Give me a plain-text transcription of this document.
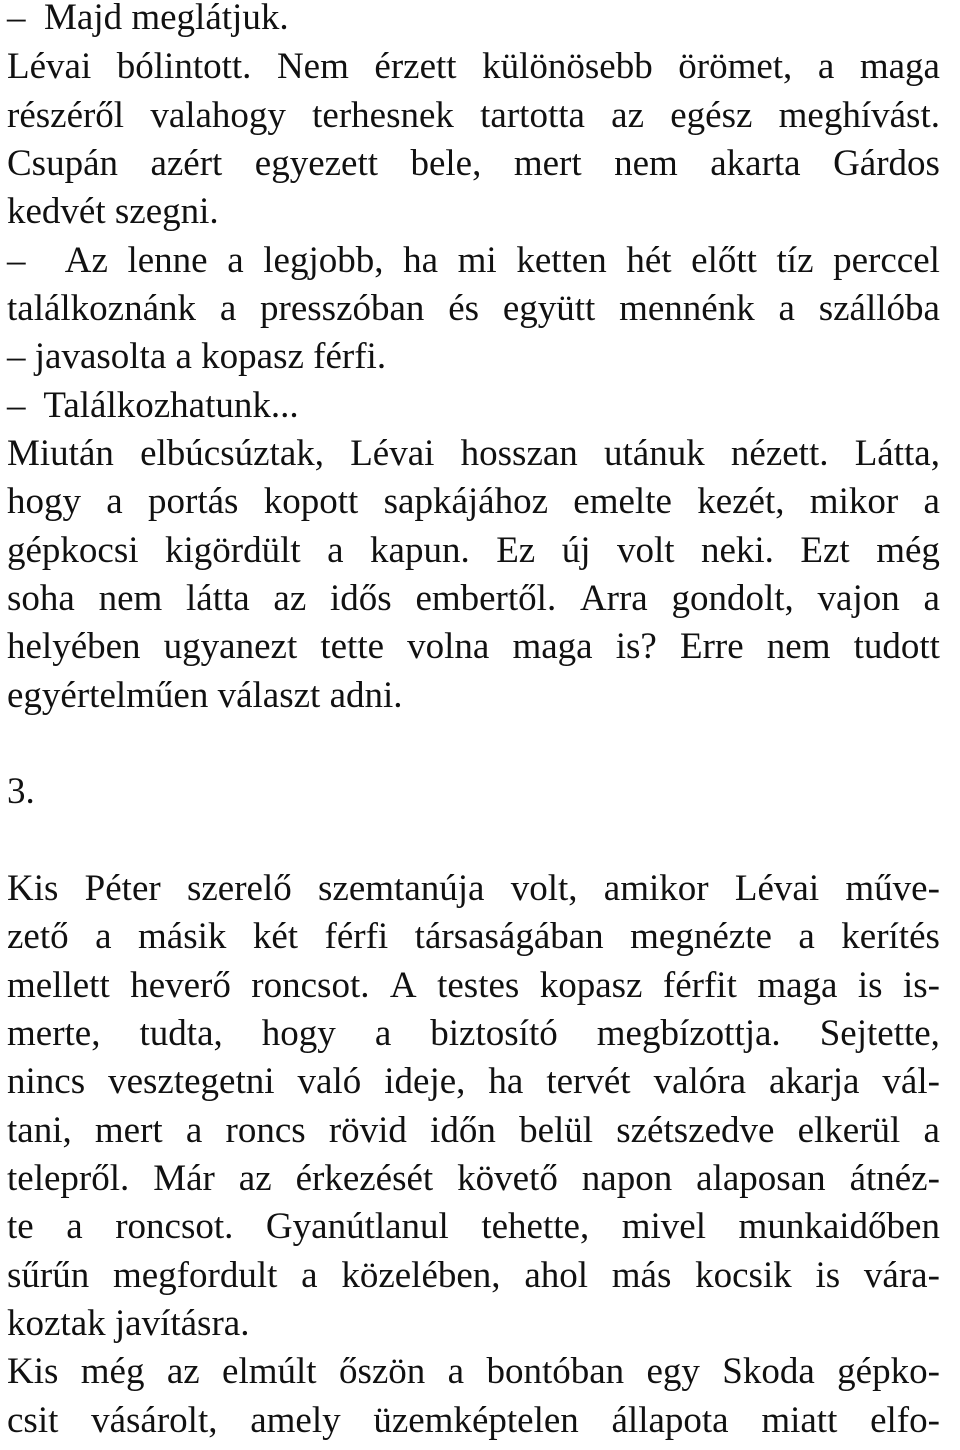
–  Majd meglátjuk.
Lévai bólintott. Nem érzett különösebb örömet, a maga
részéről valahogy terhesnek tartotta az egész meghívást.
Csupán azért egyezett bele, mert nem akarta Gárdos
kedvét szegni.
– Az lenne a legjobb, ha mi ketten hét előtt tíz perccel
találkoznánk a presszóban és együtt mennénk a szállóba
– javasolta a kopasz férfi.
–  Találkozhatunk...
Miután elbúcsúztak, Lévai hosszan utánuk nézett. Látta,
hogy a portás kopott sapkájához emelte kezét, mikor a
gépkocsi kigördült a kapun. Ez új volt neki. Ezt még
soha nem látta az idős embertől. Arra gondolt, vajon a
helyében ugyanezt tette volna maga is? Erre nem tudott
egyértelműen választ adni.
3.
Kis Péter szerelő szemtanúja volt, amikor Lévai műve-
zető a másik két férfi társaságában megnézte a kerítés
mellett heverő roncsot. A testes kopasz férfit maga is is-
merte, tudta, hogy a biztosító megbízottja. Sejtette,
nincs vesztegetni való ideje, ha tervét valóra akarja vál-
tani, mert a roncs rövid időn belül szétszedve elkerül a
telepről. Már az érkezését követő napon alaposan átnéz-
te a roncsot. Gyanútlanul tehette, mivel munkaidőben
sűrűn megfordult a közelében, ahol más kocsik is vára-
koztak javításra.
Kis még az elmúlt őszön a bontóban egy Skoda gépko-
csit vásárolt, amely üzemképtelen állapota miatt elfo-
